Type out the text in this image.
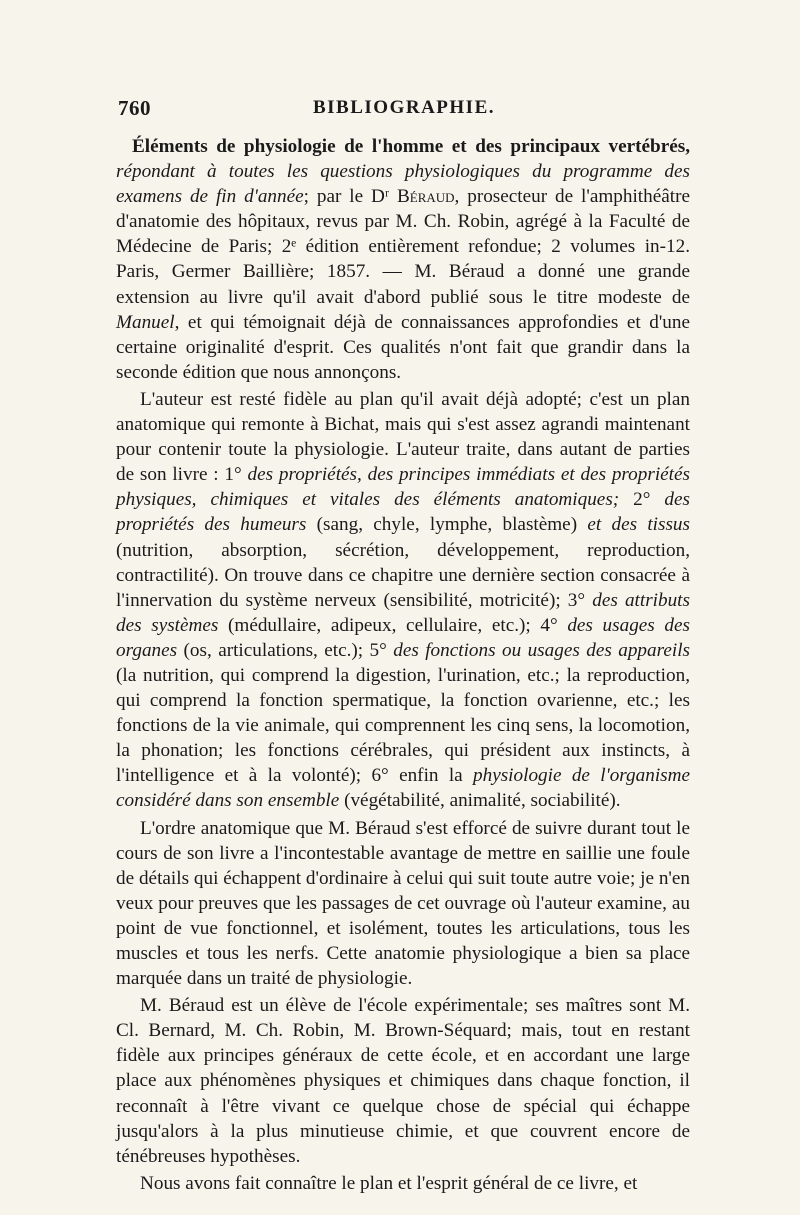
760	BIBLIOGRAPHIE.

Éléments de physiologie de l'homme et des principaux vertébrés, répondant à toutes les questions physiologiques du programme des examens de fin d'année; par le Dʳ Béraud, prosecteur de l'amphithéâtre d'anatomie des hôpitaux, revus par M. Ch. Robin, agrégé à la Faculté de Médecine de Paris; 2ᵉ édition entièrement refondue; 2 volumes in-12. Paris, Germer Baillière; 1857. — M. Béraud a donné une grande extension au livre qu'il avait d'abord publié sous le titre modeste de Manuel, et qui témoignait déjà de connaissances approfondies et d'une certaine originalité d'esprit. Ces qualités n'ont fait que grandir dans la seconde édition que nous annonçons.

L'auteur est resté fidèle au plan qu'il avait déjà adopté; c'est un plan anatomique qui remonte à Bichat, mais qui s'est assez agrandi maintenant pour contenir toute la physiologie. L'auteur traite, dans autant de parties de son livre : 1° des propriétés, des principes immédiats et des propriétés physiques, chimiques et vitales des éléments anatomiques; 2° des propriétés des humeurs (sang, chyle, lymphe, blastème) et des tissus (nutrition, absorption, sécrétion, développement, reproduction, contractilité). On trouve dans ce chapitre une dernière section consacrée à l'innervation du système nerveux (sensibilité, motricité); 3° des attributs des systèmes (médullaire, adipeux, cellulaire, etc.); 4° des usages des organes (os, articulations, etc.); 5° des fonctions ou usages des appareils (la nutrition, qui comprend la digestion, l'urination, etc.; la reproduction, qui comprend la fonction spermatique, la fonction ovarienne, etc.; les fonctions de la vie animale, qui comprennent les cinq sens, la locomotion, la phonation; les fonctions cérébrales, qui président aux instincts, à l'intelligence et à la volonté); 6° enfin la physiologie de l'organisme considéré dans son ensemble (végétabilité, animalité, sociabilité).

L'ordre anatomique que M. Béraud s'est efforcé de suivre durant tout le cours de son livre a l'incontestable avantage de mettre en saillie une foule de détails qui échappent d'ordinaire à celui qui suit toute autre voie; je n'en veux pour preuves que les passages de cet ouvrage où l'auteur examine, au point de vue fonctionnel, et isolément, toutes les articulations, tous les muscles et tous les nerfs. Cette anatomie physiologique a bien sa place marquée dans un traité de physiologie.

M. Béraud est un élève de l'école expérimentale; ses maîtres sont M. Cl. Bernard, M. Ch. Robin, M. Brown-Séquard; mais, tout en restant fidèle aux principes généraux de cette école, et en accordant une large place aux phénomènes physiques et chimiques dans chaque fonction, il reconnaît à l'être vivant ce quelque chose de spécial qui échappe jusqu'alors à la plus minutieuse chimie, et que couvrent encore de ténébreuses hypothèses.

Nous avons fait connaître le plan et l'esprit général de ce livre, et
